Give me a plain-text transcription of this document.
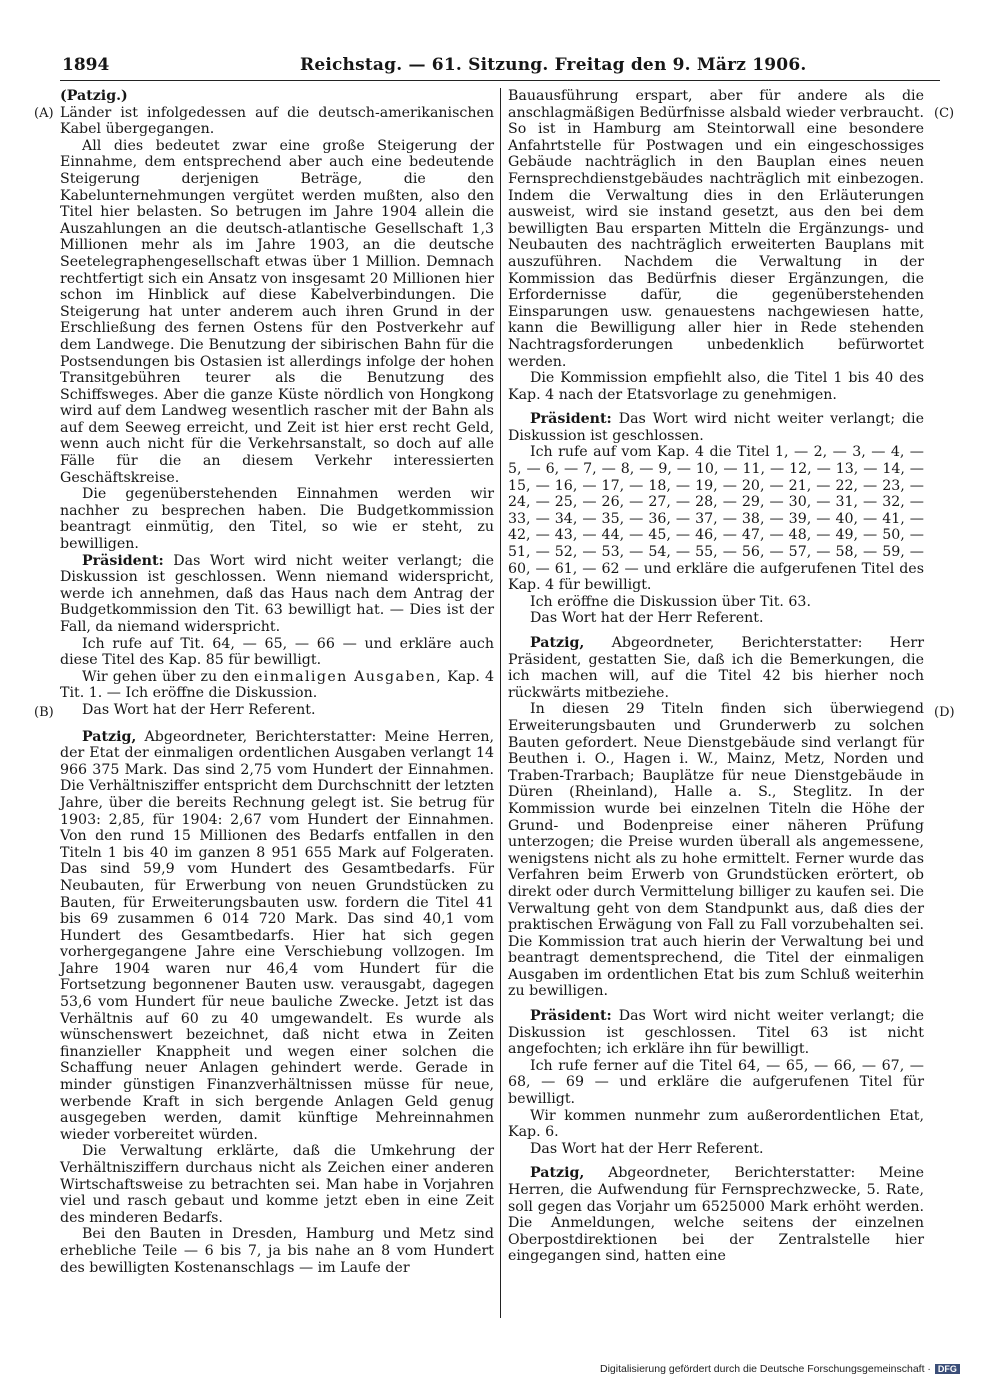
1894	Reichstag. — 61. Sitzung. Freitag den 9. März 1906.
(A)
(B)
(C)
(D)

(Patzig.)

Länder ist infolgedessen auf die deutsch-amerikanischen Kabel übergegangen.

All dies bedeutet zwar eine große Steigerung der Einnahme, dem entsprechend aber auch eine bedeutende Steigerung derjenigen Beträge, die den Kabelunternehmungen vergütet werden mußten, also den Titel hier belasten. So betrugen im Jahre 1904 allein die Auszahlungen an die deutsch-atlantische Gesellschaft 1,3 Millionen mehr als im Jahre 1903, an die deutsche Seetelegraphengesellschaft etwas über 1 Million. Demnach rechtfertigt sich ein Ansatz von insgesamt 20 Millionen hier schon im Hinblick auf diese Kabelverbindungen. Die Steigerung hat unter anderem auch ihren Grund in der Erschließung des fernen Ostens für den Postverkehr auf dem Landwege. Die Benutzung der sibirischen Bahn für die Postsendungen bis Ostasien ist allerdings infolge der hohen Transitgebühren teurer als die Benutzung des Schiffsweges. Aber die ganze Küste nördlich von Hongkong wird auf dem Landweg wesentlich rascher mit der Bahn als auf dem Seeweg erreicht, und Zeit ist hier erst recht Geld, wenn auch nicht für die Verkehrsanstalt, so doch auf alle Fälle für die an diesem Verkehr interessierten Geschäftskreise.

Die gegenüberstehenden Einnahmen werden wir nachher zu besprechen haben. Die Budgetkommission beantragt einmütig, den Titel, so wie er steht, zu bewilligen.

Präsident: Das Wort wird nicht weiter verlangt; die Diskussion ist geschlossen. Wenn niemand widerspricht, werde ich annehmen, daß das Haus nach dem Antrag der Budgetkommission den Tit. 63 bewilligt hat. — Dies ist der Fall, da niemand widerspricht.

Ich rufe auf Tit. 64, — 65, — 66 — und erkläre auch diese Titel des Kap. 85 für bewilligt.

Wir gehen über zu den einmaligen Ausgaben, Kap. 4 Tit. 1. — Ich eröffne die Diskussion.

Das Wort hat der Herr Referent.

Patzig, Abgeordneter, Berichterstatter: Meine Herren, der Etat der einmaligen ordentlichen Ausgaben verlangt 14 966 375 Mark. Das sind 2,75 vom Hundert der Einnahmen. Die Verhältnisziffer entspricht dem Durchschnitt der letzten Jahre, über die bereits Rechnung gelegt ist. Sie betrug für 1903: 2,85, für 1904: 2,67 vom Hundert der Einnahmen. Von den rund 15 Millionen des Bedarfs entfallen in den Titeln 1 bis 40 im ganzen 8 951 655 Mark auf Folgeraten. Das sind 59,9 vom Hundert des Gesamtbedarfs. Für Neubauten, für Erwerbung von neuen Grundstücken zu Bauten, für Erweiterungsbauten usw. fordern die Titel 41 bis 69 zusammen 6 014 720 Mark. Das sind 40,1 vom Hundert des Gesamtbedarfs. Hier hat sich gegen vorhergegangene Jahre eine Verschiebung vollzogen. Im Jahre 1904 waren nur 46,4 vom Hundert für die Fortsetzung begonnener Bauten usw. verausgabt, dagegen 53,6 vom Hundert für neue bauliche Zwecke. Jetzt ist das Verhältnis auf 60 zu 40 umgewandelt. Es wurde als wünschenswert bezeichnet, daß nicht etwa in Zeiten finanzieller Knappheit und wegen einer solchen die Schaffung neuer Anlagen gehindert werde. Gerade in minder günstigen Finanzverhältnissen müsse für neue, werbende Kraft in sich bergende Anlagen Geld genug ausgegeben werden, damit künftige Mehreinnahmen wieder vorbereitet würden.

Die Verwaltung erklärte, daß die Umkehrung der Verhältnisziffern durchaus nicht als Zeichen einer anderen Wirtschaftsweise zu betrachten sei. Man habe in Vorjahren viel und rasch gebaut und komme jetzt eben in eine Zeit des minderen Bedarfs.

Bei den Bauten in Dresden, Hamburg und Metz sind erhebliche Teile — 6 bis 7, ja bis nahe an 8 vom Hundert des bewilligten Kostenanschlags — im Laufe der

Bauausführung erspart, aber für andere als die anschlagmäßigen Bedürfnisse alsbald wieder verbraucht. So ist in Hamburg am Steintorwall eine besondere Anfahrtstelle für Postwagen und ein eingeschossiges Gebäude nachträglich in den Bauplan eines neuen Fernsprechdienstgebäudes nachträglich mit einbezogen. Indem die Verwaltung dies in den Erläuterungen ausweist, wird sie instand gesetzt, aus den bei dem bewilligten Bau ersparten Mitteln die Ergänzungs- und Neubauten des nachträglich erweiterten Bauplans mit auszuführen. Nachdem die Verwaltung in der Kommission das Bedürfnis dieser Ergänzungen, die Erfordernisse dafür, die gegenüberstehenden Einsparungen usw. genauestens nachgewiesen hatte, kann die Bewilligung aller hier in Rede stehenden Nachtragsforderungen unbedenklich befürwortet werden.

Die Kommission empfiehlt also, die Titel 1 bis 40 des Kap. 4 nach der Etatsvorlage zu genehmigen.

Präsident: Das Wort wird nicht weiter verlangt; die Diskussion ist geschlossen.

Ich rufe auf vom Kap. 4 die Titel 1, — 2, — 3, — 4, — 5, — 6, — 7, — 8, — 9, — 10, — 11, — 12, — 13, — 14, — 15, — 16, — 17, — 18, — 19, — 20, — 21, — 22, — 23, — 24, — 25, — 26, — 27, — 28, — 29, — 30, — 31, — 32, — 33, — 34, — 35, — 36, — 37, — 38, — 39, — 40, — 41, — 42, — 43, — 44, — 45, — 46, — 47, — 48, — 49, — 50, — 51, — 52, — 53, — 54, — 55, — 56, — 57, — 58, — 59, — 60, — 61, — 62 — und erkläre die aufgerufenen Titel des Kap. 4 für bewilligt.

Ich eröffne die Diskussion über Tit. 63.

Das Wort hat der Herr Referent.

Patzig, Abgeordneter, Berichterstatter: Herr Präsident, gestatten Sie, daß ich die Bemerkungen, die ich machen will, auf die Titel 42 bis hierher noch rückwärts mitbeziehe.

In diesen 29 Titeln finden sich überwiegend Erweiterungsbauten und Grunderwerb zu solchen Bauten gefordert. Neue Dienstgebäude sind verlangt für Beuthen i. O., Hagen i. W., Mainz, Metz, Norden und Traben-Trarbach; Bauplätze für neue Dienstgebäude in Düren (Rheinland), Halle a. S., Steglitz. In der Kommission wurde bei einzelnen Titeln die Höhe der Grund- und Bodenpreise einer näheren Prüfung unterzogen; die Preise wurden überall als angemessene, wenigstens nicht als zu hohe ermittelt. Ferner wurde das Verfahren beim Erwerb von Grundstücken erörtert, ob direkt oder durch Vermittelung billiger zu kaufen sei. Die Verwaltung geht von dem Standpunkt aus, daß dies der praktischen Erwägung von Fall zu Fall vorzubehalten sei. Die Kommission trat auch hierin der Verwaltung bei und beantragt dementsprechend, die Titel der einmaligen Ausgaben im ordentlichen Etat bis zum Schluß weiterhin zu bewilligen.

Präsident: Das Wort wird nicht weiter verlangt; die Diskussion ist geschlossen. Titel 63 ist nicht angefochten; ich erkläre ihn für bewilligt.

Ich rufe ferner auf die Titel 64, — 65, — 66, — 67, — 68, — 69 — und erkläre die aufgerufenen Titel für bewilligt.

Wir kommen nunmehr zum außerordentlichen Etat, Kap. 6.

Das Wort hat der Herr Referent.

Patzig, Abgeordneter, Berichterstatter: Meine Herren, die Aufwendung für Fernsprechzwecke, 5. Rate, soll gegen das Vorjahr um 6525000 Mark erhöht werden. Die Anmeldungen, welche seitens der einzelnen Oberpostdirektionen bei der Zentralstelle hier eingegangen sind, hatten eine

Digitalisierung gefördert durch die Deutsche Forschungsgemeinschaft · DFG
